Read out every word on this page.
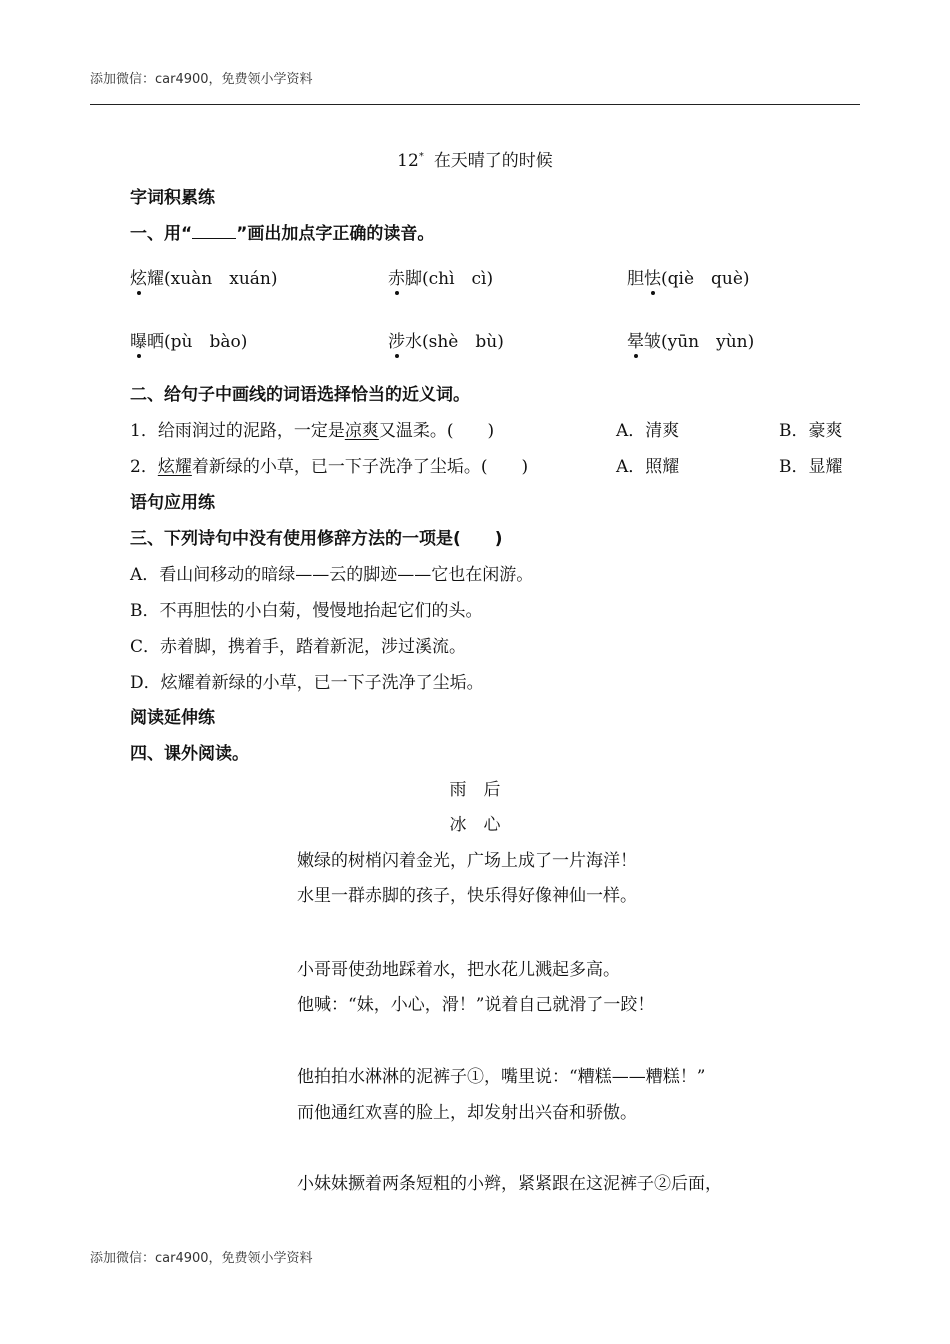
添加微信：car4900，免费领小学资料
12* 在天晴了的时候
字词积累练
一、用“	”画出加点字正确的读音。
炫耀(xuàn　xuán)	赤脚(chì　cì)	胆怯(qiè　què)
曝晒(pù　bào)	涉水(shè　bù)	晕皱(yūn　yùn)
二、给句子中画线的词语选择恰当的近义词。
1．给雨润过的泥路，一定是凉爽又温柔。(　　)	A．清爽	B．豪爽
2．炫耀着新绿的小草，已一下子洗净了尘垢。(　　)	A．照耀	B．显耀
语句应用练
三、下列诗句中没有使用修辞方法的一项是(　　)
A．看山间移动的暗绿——云的脚迹——它也在闲游。
B．不再胆怯的小白菊，慢慢地抬起它们的头。
C．赤着脚，携着手，踏着新泥，涉过溪流。
D．炫耀着新绿的小草，已一下子洗净了尘垢。
阅读延伸练
四、课外阅读。
雨　后
冰　心
嫩绿的树梢闪着金光，广场上成了一片海洋！
水里一群赤脚的孩子，快乐得好像神仙一样。
小哥哥使劲地踩着水，把水花儿溅起多高。
他喊：“妹，小心，滑！”说着自己就滑了一跤！
他拍拍水淋淋的泥裤子①，嘴里说：“糟糕——糟糕！”
而他通红欢喜的脸上，却发射出兴奋和骄傲。
小妹妹撅着两条短粗的小辫，紧紧跟在这泥裤子②后面，
添加微信：car4900，免费领小学资料
